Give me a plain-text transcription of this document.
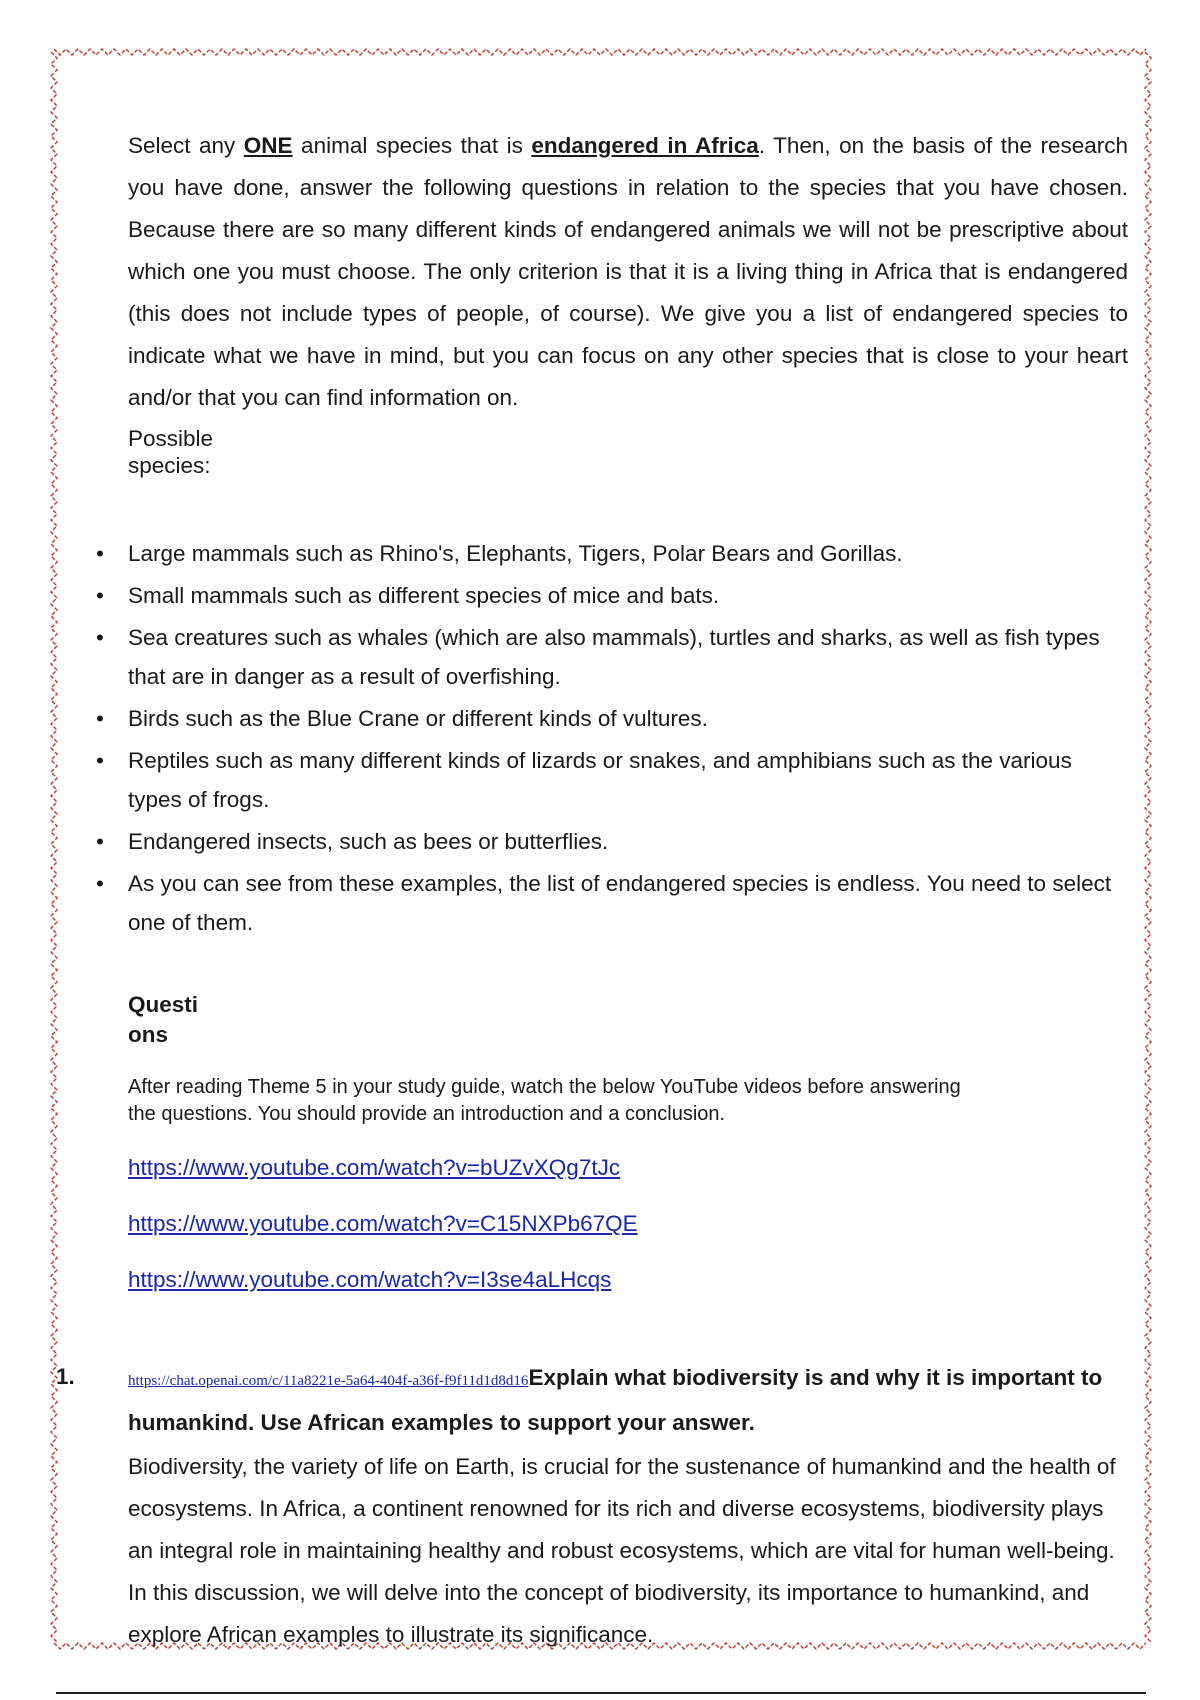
Select any ONE animal species that is endangered in Africa. Then, on the basis of the research you have done, answer the following questions in relation to the species that you have chosen. Because there are so many different kinds of endangered animals we will not be prescriptive about which one you must choose. The only criterion is that it is a living thing in Africa that is endangered (this does not include types of people, of course). We give you a list of endangered species to indicate what we have in mind, but you can focus on any other species that is close to your heart and/or that you can find information on.

Possible species:
• Large mammals such as Rhino's, Elephants, Tigers, Polar Bears and Gorillas.
• Small mammals such as different species of mice and bats.
• Sea creatures such as whales (which are also mammals), turtles and sharks, as well as fish types that are in danger as a result of overfishing.
• Birds such as the Blue Crane or different kinds of vultures.
• Reptiles such as many different kinds of lizards or snakes, and amphibians such as the various types of frogs.
• Endangered insects, such as bees or butterflies.
• As you can see from these examples, the list of endangered species is endless. You need to select one of them.
Questi ons
After reading Theme 5 in your study guide, watch the below YouTube videos before answering the questions. You should provide an introduction and a conclusion.
https://www.youtube.com/watch?v=bUZvXQg7tJc
https://www.youtube.com/watch?v=C15NXPb67QE
https://www.youtube.com/watch?v=I3se4aLHcqs
1.	https://chat.openai.com/c/11a8221e-5a64-404f-a36f-f9f11d1d8d16Explain what biodiversity is and why it is important to humankind. Use African examples to support your answer.

Biodiversity, the variety of life on Earth, is crucial for the sustenance of humankind and the health of ecosystems. In Africa, a continent renowned for its rich and diverse ecosystems, biodiversity plays an integral role in maintaining healthy and robust ecosystems, which are vital for human well-being. In this discussion, we will delve into the concept of biodiversity, its importance to humankind, and explore African examples to illustrate its significance.
